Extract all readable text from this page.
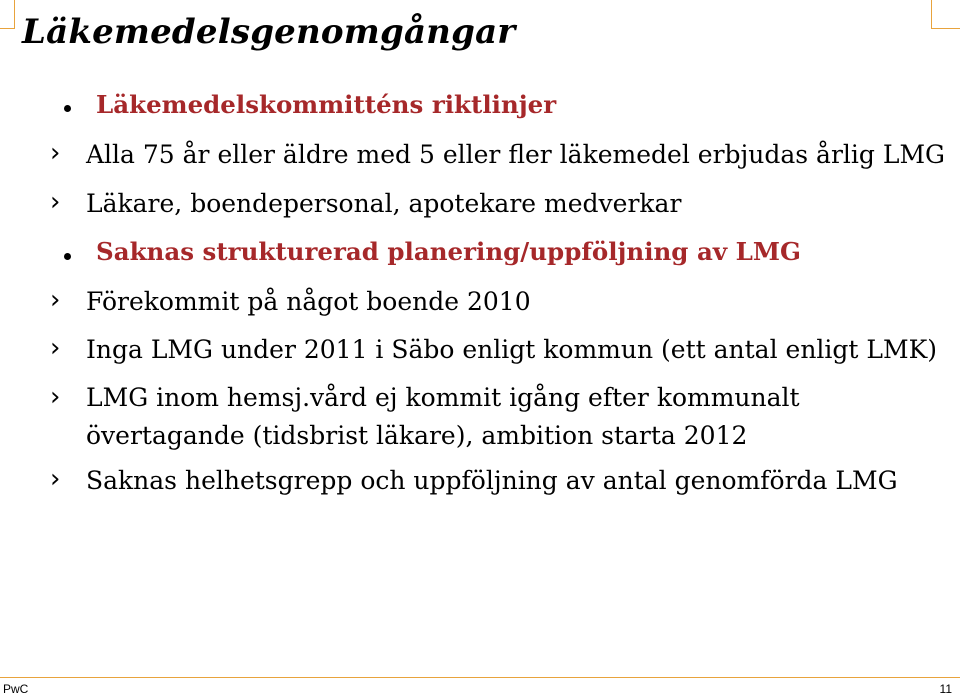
Läkemedelsgenomgångar

Läkemedelskommitténs riktlinjer

› Alla 75 år eller äldre med 5 eller fler läkemedel erbjudas årlig LMG

› Läkare, boendepersonal, apotekare medverkar

Saknas strukturerad planering/uppföljning av LMG

› Förekommit på något boende 2010

› Inga LMG under 2011 i Säbo enligt kommun (ett antal enligt LMK)

› LMG inom hemsj.vård ej kommit igång efter kommunalt övertagande (tidsbrist läkare), ambition starta 2012

› Saknas helhetsgrepp och uppföljning av antal genomförda LMG

PwC	11
